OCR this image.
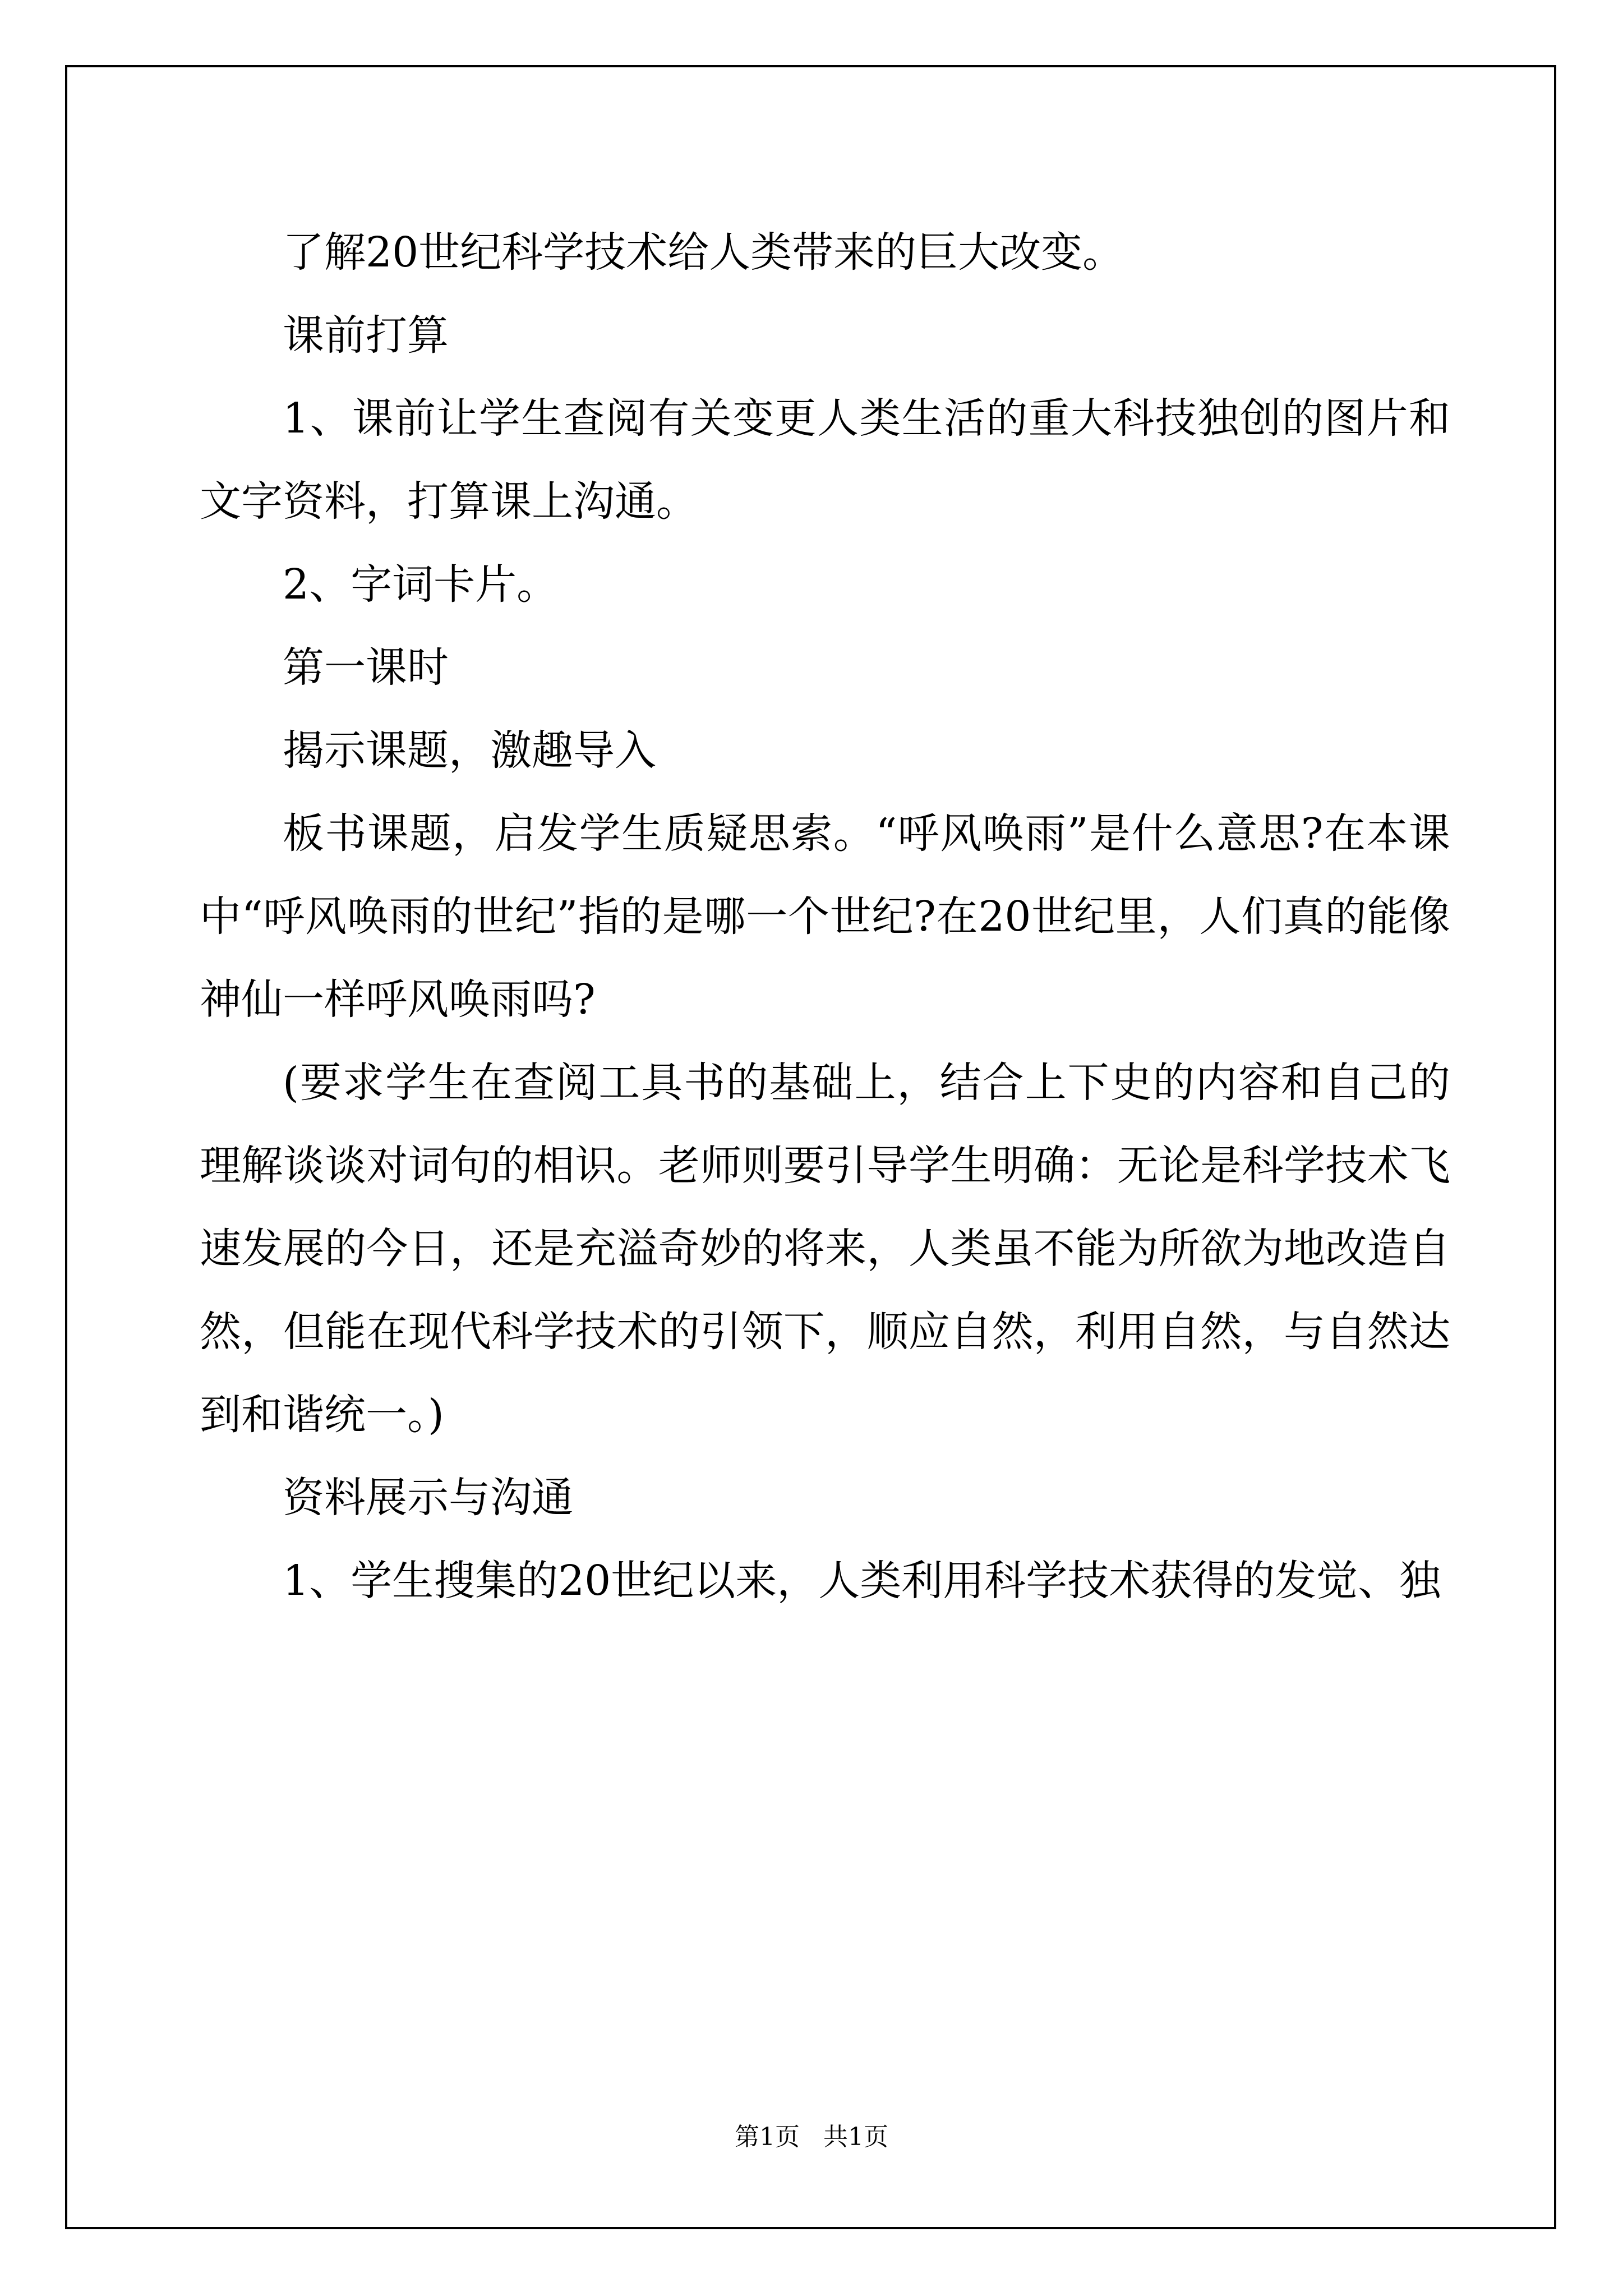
了解20世纪科学技术给人类带来的巨大改变。

课前打算

1、课前让学生查阅有关变更人类生活的重大科技独创的图片和文字资料，打算课上沟通。

2、字词卡片。

第一课时

揭示课题，激趣导入

板书课题，启发学生质疑思索。“呼风唤雨”是什么意思?在本课中“呼风唤雨的世纪”指的是哪一个世纪?在20世纪里，人们真的能像神仙一样呼风唤雨吗?

(要求学生在查阅工具书的基础上，结合上下史的内容和自己的理解谈谈对词句的相识。老师则要引导学生明确：无论是科学技术飞速发展的今日，还是充溢奇妙的将来，人类虽不能为所欲为地改造自然，但能在现代科学技术的引领下，顺应自然，利用自然，与自然达到和谐统一。)

资料展示与沟通

1、学生搜集的20世纪以来，人类利用科学技术获得的发觉、独

第1页 共1页
